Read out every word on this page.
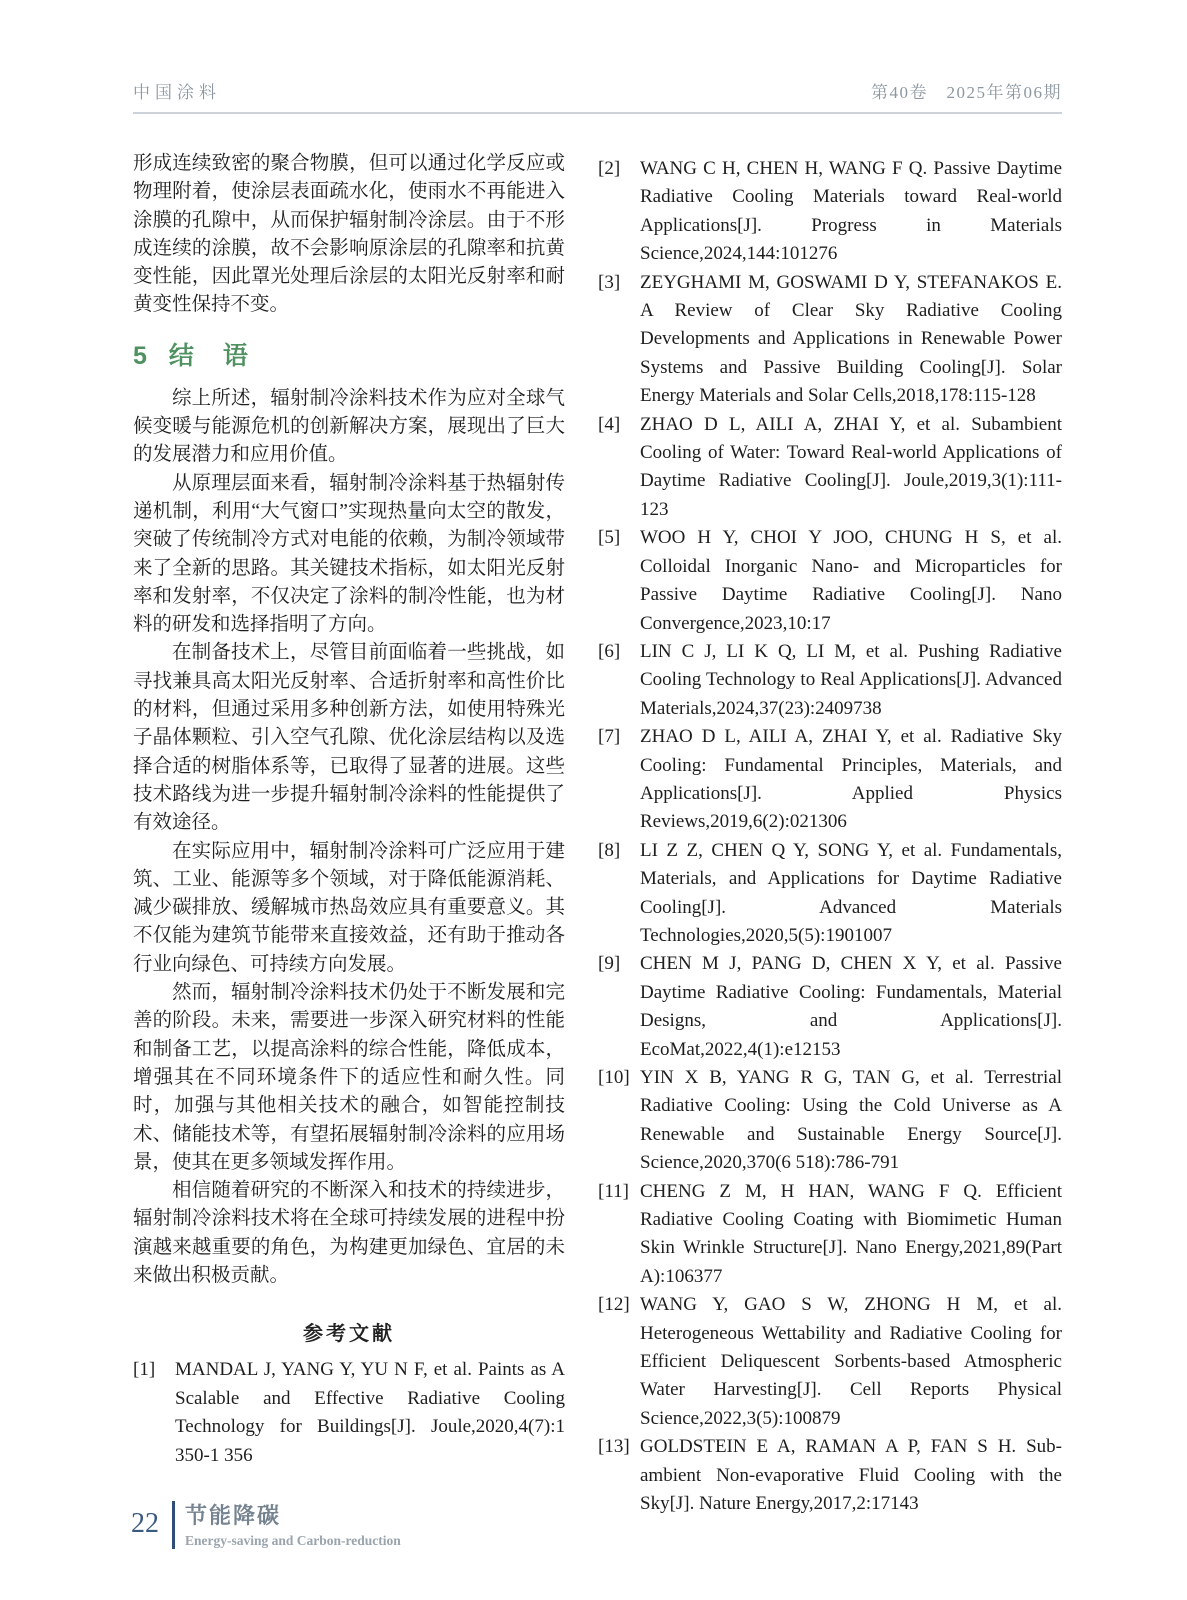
中国涂料	第40卷　2025年第06期

形成连续致密的聚合物膜，但可以通过化学反应或物理附着，使涂层表面疏水化，使雨水不再能进入涂膜的孔隙中，从而保护辐射制冷涂层。由于不形成连续的涂膜，故不会影响原涂层的孔隙率和抗黄变性能，因此罩光处理后涂层的太阳光反射率和耐黄变性保持不变。

5 结　语

综上所述，辐射制冷涂料技术作为应对全球气候变暖与能源危机的创新解决方案，展现出了巨大的发展潜力和应用价值。

从原理层面来看，辐射制冷涂料基于热辐射传递机制，利用“大气窗口”实现热量向太空的散发，突破了传统制冷方式对电能的依赖，为制冷领域带来了全新的思路。其关键技术指标，如太阳光反射率和发射率，不仅决定了涂料的制冷性能，也为材料的研发和选择指明了方向。

在制备技术上，尽管目前面临着一些挑战，如寻找兼具高太阳光反射率、合适折射率和高性价比的材料，但通过采用多种创新方法，如使用特殊光子晶体颗粒、引入空气孔隙、优化涂层结构以及选择合适的树脂体系等，已取得了显著的进展。这些技术路线为进一步提升辐射制冷涂料的性能提供了有效途径。

在实际应用中，辐射制冷涂料可广泛应用于建筑、工业、能源等多个领域，对于降低能源消耗、减少碳排放、缓解城市热岛效应具有重要意义。其不仅能为建筑节能带来直接效益，还有助于推动各行业向绿色、可持续方向发展。

然而，辐射制冷涂料技术仍处于不断发展和完善的阶段。未来，需要进一步深入研究材料的性能和制备工艺，以提高涂料的综合性能，降低成本，增强其在不同环境条件下的适应性和耐久性。同时，加强与其他相关技术的融合，如智能控制技术、储能技术等，有望拓展辐射制冷涂料的应用场景，使其在更多领域发挥作用。

相信随着研究的不断深入和技术的持续进步，辐射制冷涂料技术将在全球可持续发展的进程中扮演越来越重要的角色，为构建更加绿色、宜居的未来做出积极贡献。

参考文献
[1]	MANDAL J, YANG Y, YU N F, et al. Paints as A Scalable and Effective Radiative Cooling Technology for Buildings[J]. Joule,2020,4(7):1 350-1 356
[2]	WANG C H, CHEN H, WANG F Q. Passive Daytime Radiative Cooling Materials toward Real-world Applications[J]. Progress in Materials Science,2024,144:101276
[3]	ZEYGHAMI M, GOSWAMI D Y, STEFANAKOS E. A Review of Clear Sky Radiative Cooling Developments and Applications in Renewable Power Systems and Passive Building Cooling[J]. Solar Energy Materials and Solar Cells,2018,178:115-128
[4]	ZHAO D L, AILI A, ZHAI Y, et al. Subambient Cooling of Water: Toward Real-world Applications of Daytime Radiative Cooling[J]. Joule,2019,3(1):111-123
[5]	WOO H Y, CHOI Y JOO, CHUNG H S, et al. Colloidal Inorganic Nano- and Microparticles for Passive Daytime Radiative Cooling[J]. Nano Convergence,2023,10:17
[6]	LIN C J, LI K Q, LI M, et al. Pushing Radiative Cooling Technology to Real Applications[J]. Advanced Materials,2024,37(23):2409738
[7]	ZHAO D L, AILI A, ZHAI Y, et al. Radiative Sky Cooling: Fundamental Principles, Materials, and Applications[J]. Applied Physics Reviews,2019,6(2):021306
[8]	LI Z Z, CHEN Q Y, SONG Y, et al. Fundamentals, Materials, and Applications for Daytime Radiative Cooling[J]. Advanced Materials Technologies,2020,5(5):1901007
[9]	CHEN M J, PANG D, CHEN X Y, et al. Passive Daytime Radiative Cooling: Fundamentals, Material Designs, and Applications[J]. EcoMat,2022,4(1):e12153
[10] YIN X B, YANG R G, TAN G, et al. Terrestrial Radiative Cooling: Using the Cold Universe as A Renewable and Sustainable Energy Source[J]. Science,2020,370(6 518):786-791
[11] CHENG Z M, H HAN, WANG F Q. Efficient Radiative Cooling Coating with Biomimetic Human Skin Wrinkle Structure[J]. Nano Energy,2021,89(Part A):106377
[12] WANG Y, GAO S W, ZHONG H M, et al. Heterogeneous Wettability and Radiative Cooling for Efficient Deliquescent Sorbents-based Atmospheric Water Harvesting[J]. Cell Reports Physical Science,2022,3(5):100879
[13] GOLDSTEIN E A, RAMAN A P, FAN S H. Sub-ambient Non-evaporative Fluid Cooling with the Sky[J]. Nature Energy,2017,2:17143
22 节能降碳
Energy-saving and Carbon-reduction
